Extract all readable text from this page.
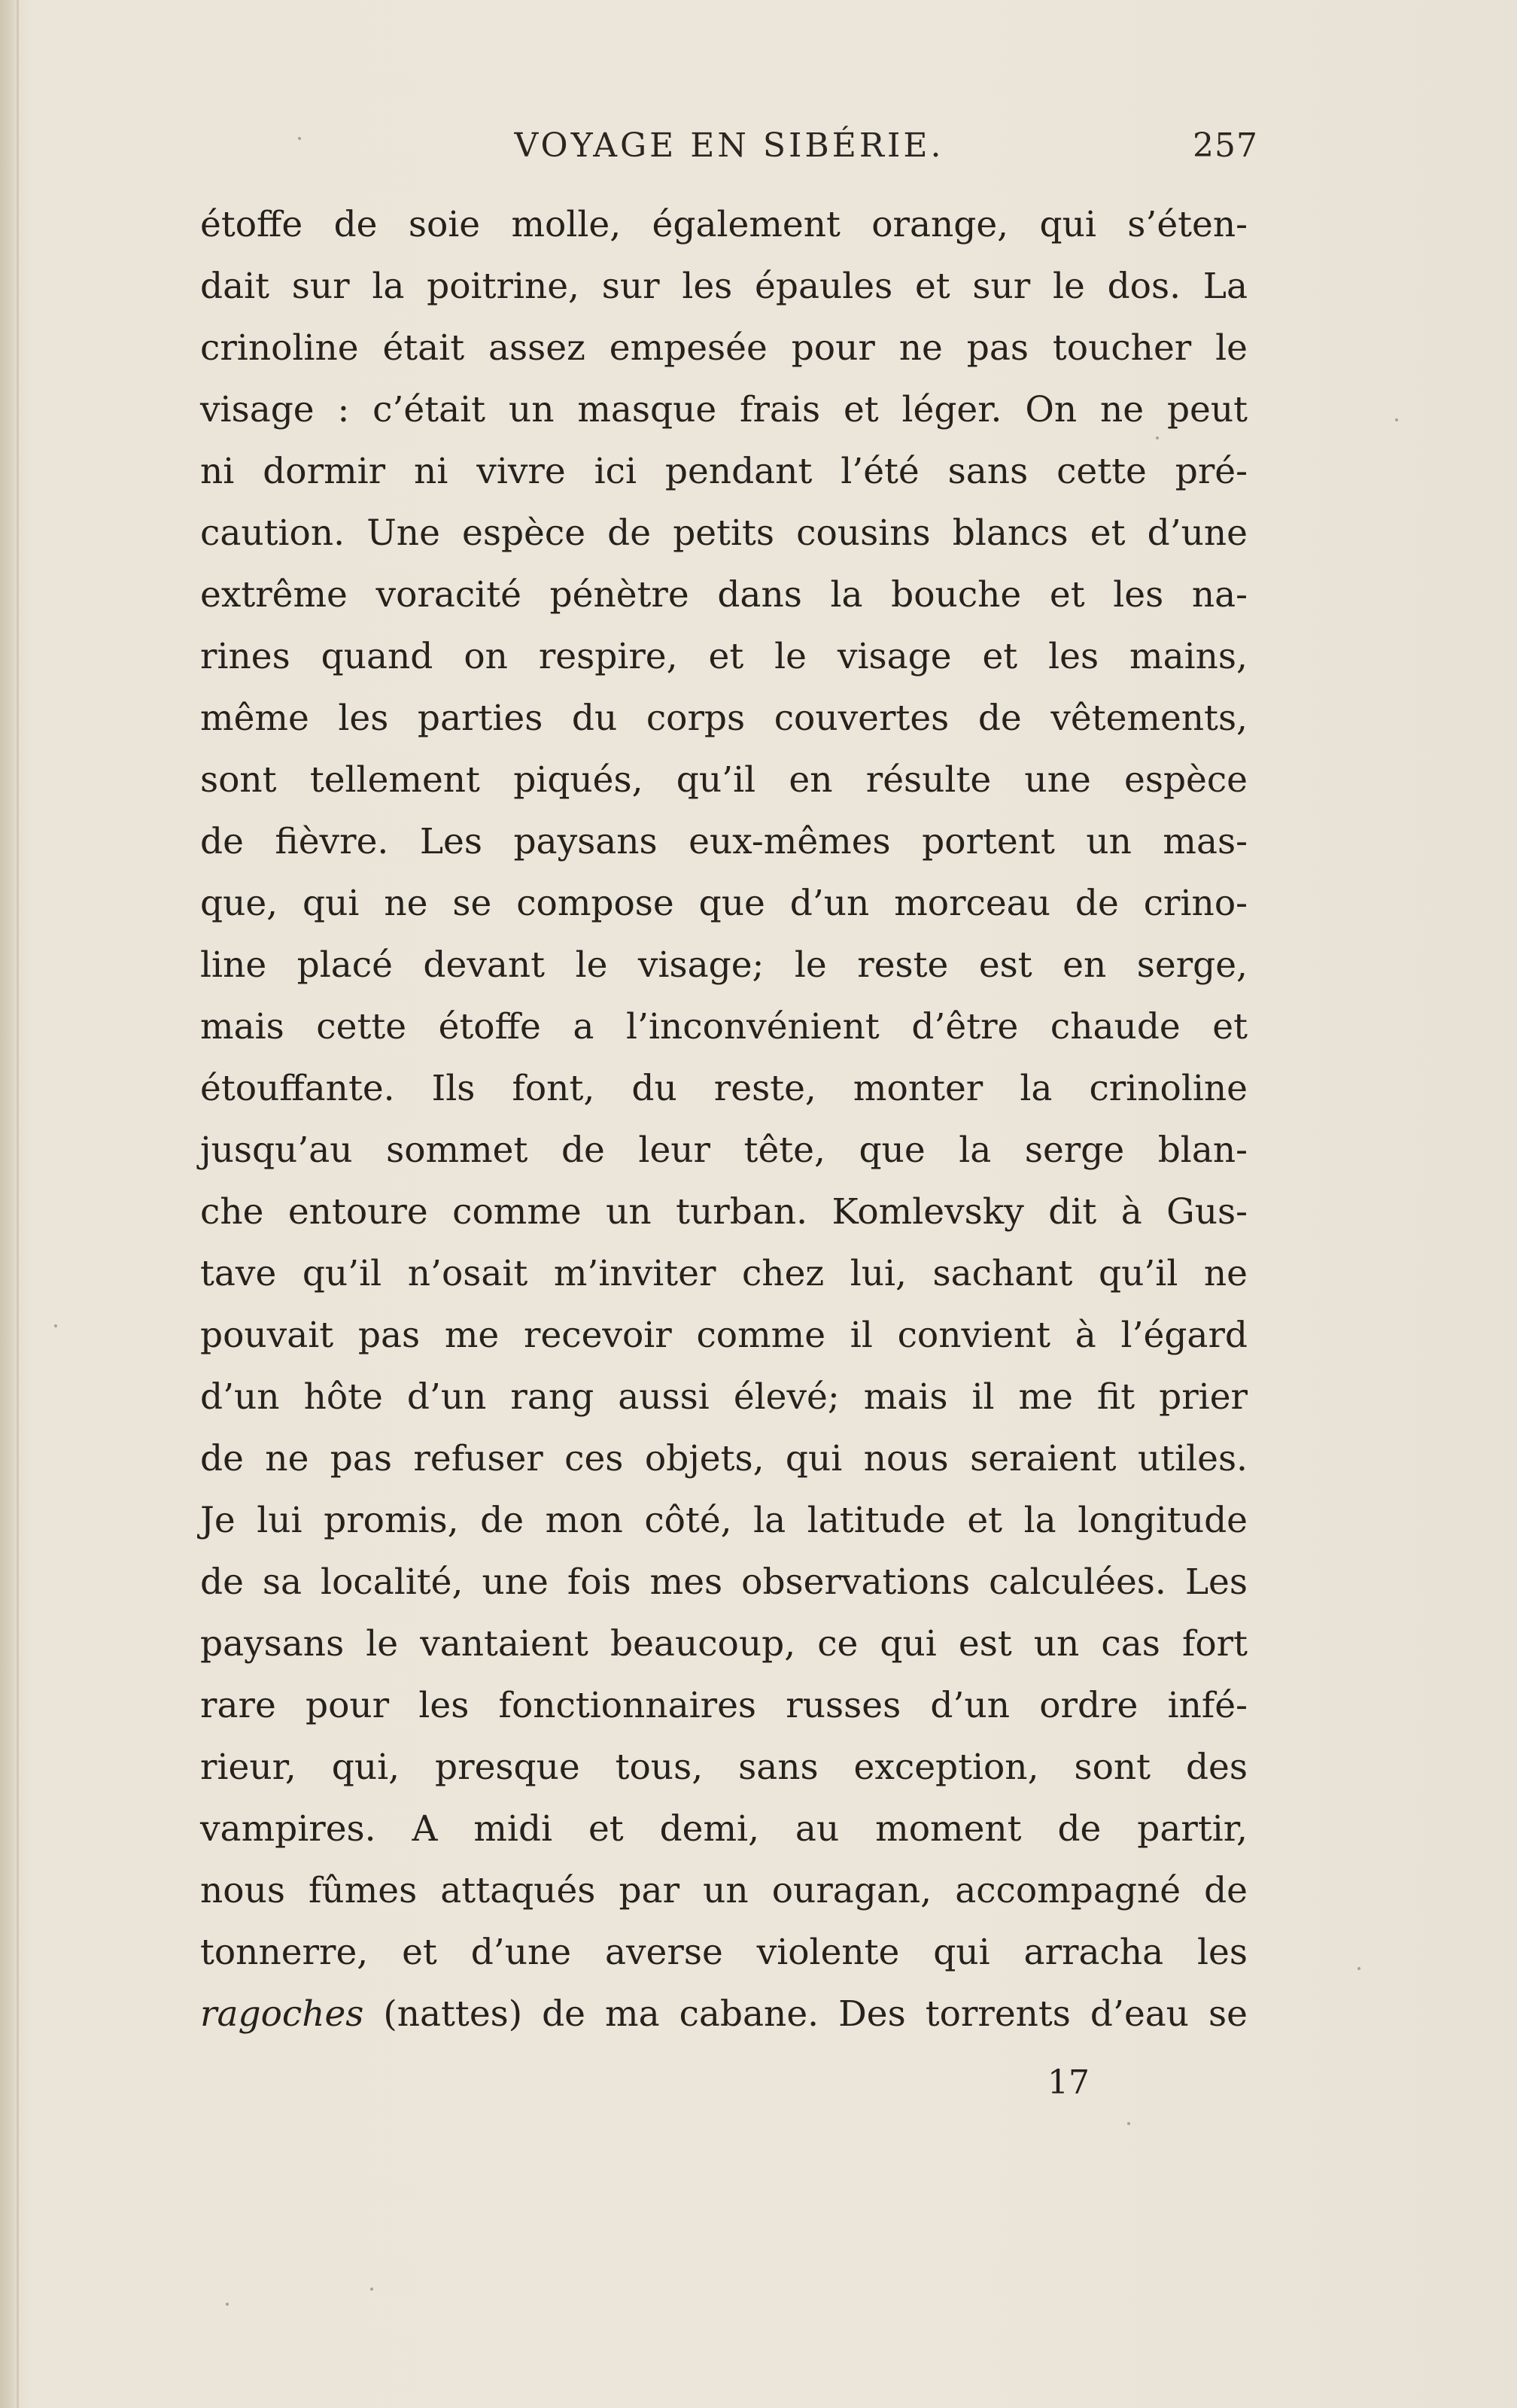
VOYAGE EN SIBÉRIE.	257
étoffe de soie molle, également orange, qui s’éten-
dait sur la poitrine, sur les épaules et sur le dos. La
crinoline était assez empesée pour ne pas toucher le
visage : c’était un masque frais et léger. On ne peut
ni dormir ni vivre ici pendant l’été sans cette pré-
caution. Une espèce de petits cousins blancs et d’une
extrême voracité pénètre dans la bouche et les na-
rines quand on respire, et le visage et les mains,
même les parties du corps couvertes de vêtements,
sont tellement piqués, qu’il en résulte une espèce
de fièvre. Les paysans eux-mêmes portent un mas-
que, qui ne se compose que d’un morceau de crino-
line placé devant le visage; le reste est en serge,
mais cette étoffe a l’inconvénient d’être chaude et
étouffante. Ils font, du reste, monter la crinoline
jusqu’au sommet de leur tête, que la serge blan-
che entoure comme un turban. Komlevsky dit à Gus-
tave qu’il n’osait m’inviter chez lui, sachant qu’il ne
pouvait pas me recevoir comme il convient à l’égard
d’un hôte d’un rang aussi élevé; mais il me fit prier
de ne pas refuser ces objets, qui nous seraient utiles.
Je lui promis, de mon côté, la latitude et la longitude
de sa localité, une fois mes observations calculées. Les
paysans le vantaient beaucoup, ce qui est un cas fort
rare pour les fonctionnaires russes d’un ordre infé-
rieur, qui, presque tous, sans exception, sont des
vampires. A midi et demi, au moment de partir,
nous fûmes attaqués par un ouragan, accompagné de
tonnerre, et d’une averse violente qui arracha les
ragoches (nattes) de ma cabane. Des torrents d’eau se
17
